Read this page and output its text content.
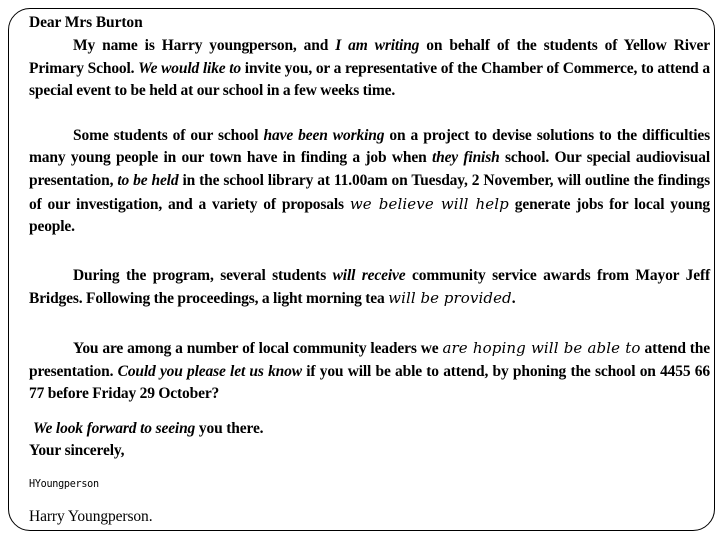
Dear Mrs Burton

My name is Harry youngperson, and I am writing on behalf of the students of Yellow River Primary School. We would like to invite you, or a representative of the Chamber of Commerce, to attend a special event to be held at our school in a few weeks time.

Some students of our school have been working on a project to devise solutions to the difficulties many young people in our town have in finding a job when they finish school. Our special audiovisual presentation, to be held in the school library at 11.00am on Tuesday, 2 November, will outline the findings of our investigation, and a variety of proposals we believe will help generate jobs for local young people.

During the program, several students will receive community service awards from Mayor Jeff Bridges. Following the proceedings, a light morning tea will be provided.

You are among a number of local community leaders we are hoping will be able to attend the presentation. Could you please let us know if you will be able to attend, by phoning the school on 4455 66 77 before Friday 29 October?

We look forward to seeing you there.

Your sincerely,

HYoungperson

Harry Youngperson.
